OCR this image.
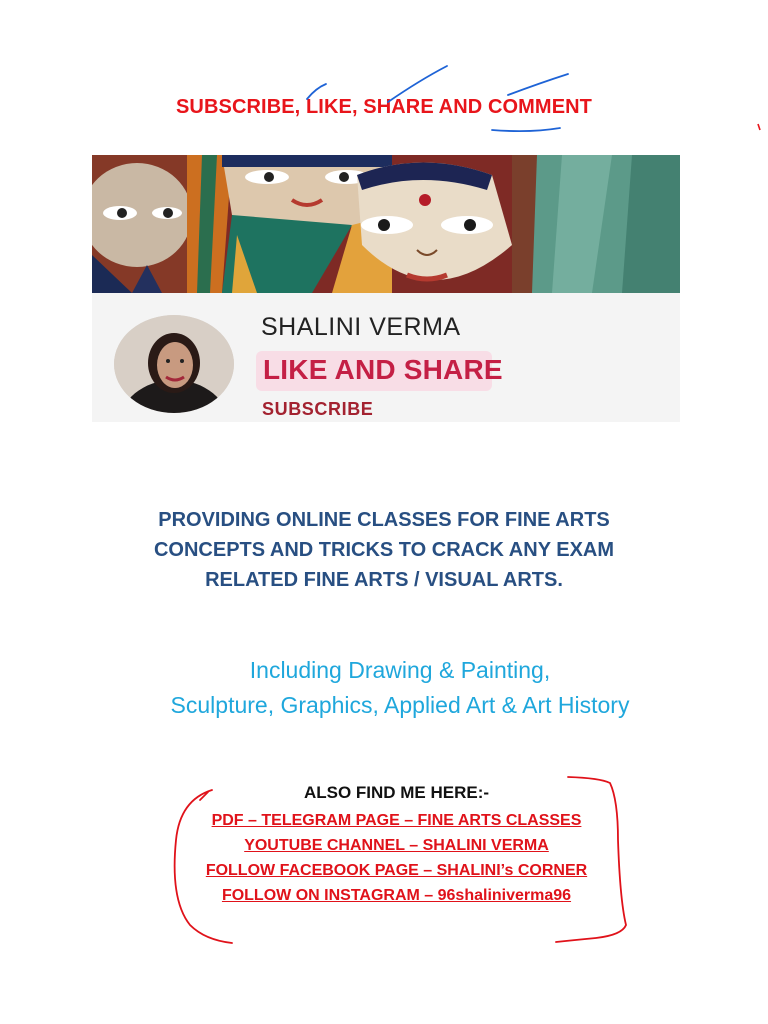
SUBSCRIBE, LIKE, SHARE AND COMMENT
SHALINI VERMA
LIKE AND SHARE
SUBSCRIBE
PROVIDING ONLINE CLASSES FOR FINE ARTS
CONCEPTS AND TRICKS TO CRACK ANY EXAM
RELATED FINE ARTS / VISUAL ARTS.
Including Drawing & Painting,
Sculpture, Graphics, Applied Art & Art History
ALSO FIND ME HERE:-
PDF – TELEGRAM PAGE – FINE ARTS CLASSES
YOUTUBE CHANNEL – SHALINI VERMA
FOLLOW FACEBOOK PAGE – SHALINI’s CORNER
FOLLOW ON INSTAGRAM – 96shaliniverma96
